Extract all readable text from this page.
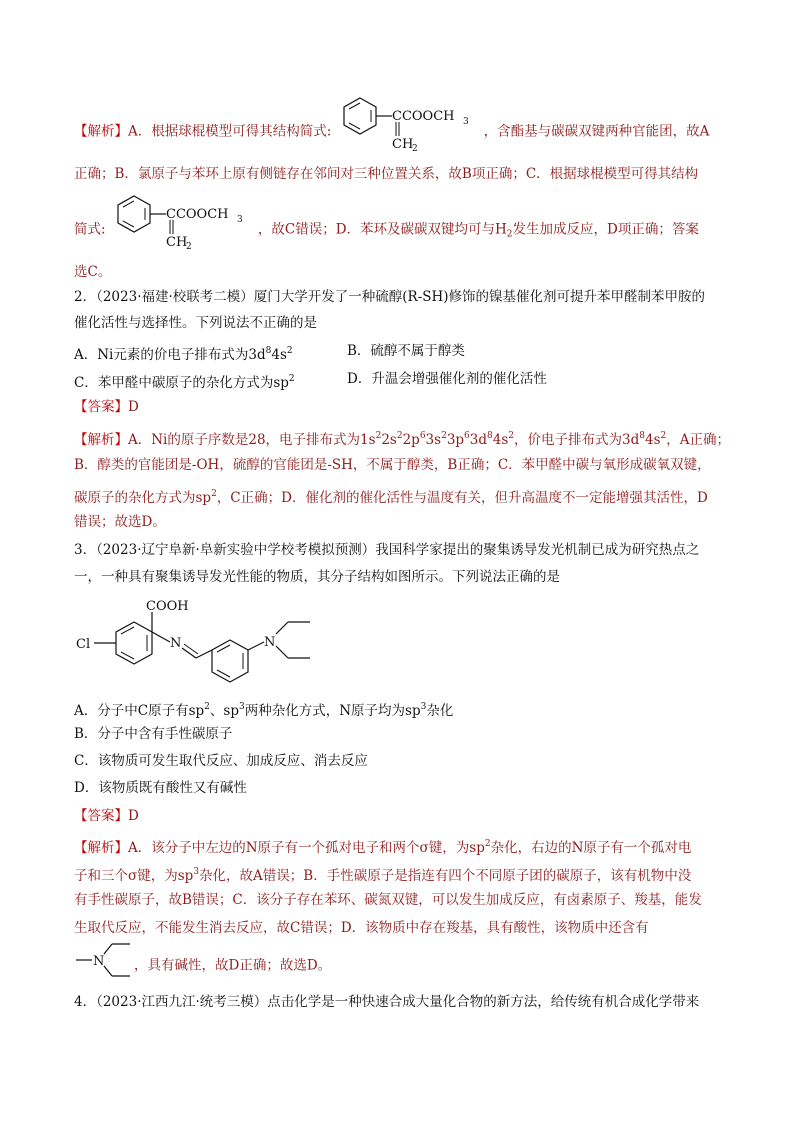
【解析】A．根据球棍模型可得其结构简式:
CCOOCH 3
CH
2
，含酯基与碳碳双键两种官能团，故A
正确；B．氯原子与苯环上原有侧链存在邻间对三种位置关系，故B项正确；C．根据球棍模型可得其结构
简式:
CCOOCH 3
CH
2
，故C错误；D．苯环及碳碳双键均可与$H_2$发生加成反应，D项正确；答案
选C。
2．（2023·福建·校联考二模）厦门大学开发了一种硫醇(R-SH)修饰的镍基催化剂可提升苯甲醛制苯甲胺的
催化活性与选择性。下列说法不正确的是
A．Ni元素的价电子排布式为$3d^84s^2$	B．硫醇不属于醇类
C．苯甲醛中碳原子的杂化方式为$sp^2$	D．升温会增强催化剂的催化活性
【答案】D
【解析】A．Ni的原子序数是28，电子排布式为$1s^22s^22p^63s^23p^63d^84s^2$，价电子排布式为$3d^84s^2$，A正确；
B．醇类的官能团是-OH，硫醇的官能团是-SH，不属于醇类，B正确；C．苯甲醛中碳与氧形成碳氧双键，
碳原子的杂化方式为$sp^2$，C正确；D．催化剂的催化活性与温度有关，但升高温度不一定能增强其活性，D
错误；故选D。
3．（2023·辽宁阜新·阜新实验中学校考模拟预测）我国科学家提出的聚集诱导发光机制已成为研究热点之
一，一种具有聚集诱导发光性能的物质，其分子结构如图所示。下列说法正确的是
COOH
Cl	N	N
A．分子中C原子有$sp^2$、$sp^3$两种杂化方式，N原子均为$sp^3$杂化
B．分子中含有手性碳原子
C．该物质可发生取代反应、加成反应、消去反应
D．该物质既有酸性又有碱性
【答案】D
【解析】A．该分子中左边的N原子有一个孤对电子和两个σ键，为$sp^2$杂化，右边的N原子有一个孤对电
子和三个σ键，为$sp^3$杂化，故A错误；B．手性碳原子是指连有四个不同原子团的碳原子，该有机物中没
有手性碳原子，故B错误；C．该分子存在苯环、碳氮双键，可以发生加成反应，有卤素原子、羧基，能发
生取代反应，不能发生消去反应，故C错误；D．该物质中存在羧基，具有酸性，该物质中还含有
N ，具有碱性，故D正确；故选D。
4．（2023·江西九江·统考三模）点击化学是一种快速合成大量化合物的新方法，给传统有机合成化学带来
